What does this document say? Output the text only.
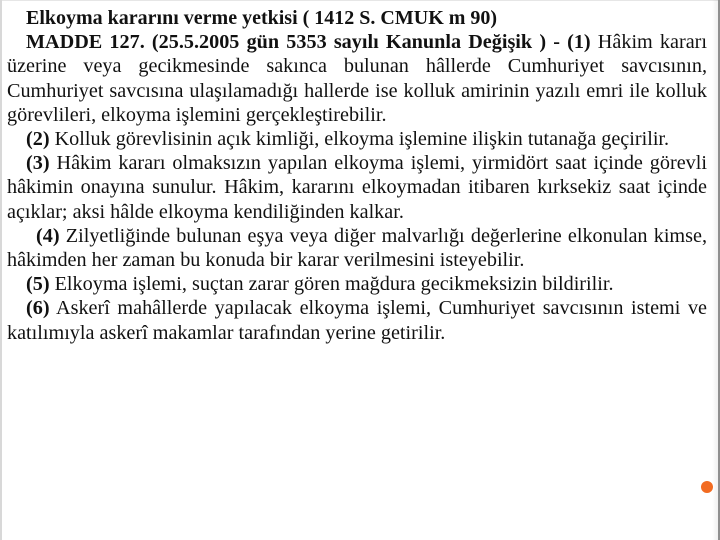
Elkoyma kararını verme yetkisi ( 1412 S. CMUK m 90)

MADDE 127. (25.5.2005 gün 5353 sayılı Kanunla Değişik ) - (1) Hâkim kararı üzerine veya gecikmesinde sakınca bulunan hâllerde Cumhuriyet savcısının, Cumhuriyet savcısına ulaşılamadığı hallerde ise kolluk amirinin yazılı emri ile kolluk görevlileri, elkoyma işlemini gerçekleştirebilir.

(2) Kolluk görevlisinin açık kimliği, elkoyma işlemine ilişkin tutanağa geçirilir.

(3) Hâkim kararı olmaksızın yapılan elkoyma işlemi, yirmidört saat içinde görevli hâkimin onayına sunulur. Hâkim, kararını elkoymadan itibaren kırksekiz saat içinde açıklar; aksi hâlde elkoyma kendiliğinden kalkar.

(4) Zilyetliğinde bulunan eşya veya diğer malvarlığı değerlerine elkonulan kimse, hâkimden her zaman bu konuda bir karar verilmesini isteyebilir.

(5) Elkoyma işlemi, suçtan zarar gören mağdura gecikmeksizin bildirilir.

(6) Askerî mahâllerde yapılacak elkoyma işlemi, Cumhuriyet savcısının istemi ve katılımıyla askerî makamlar tarafından yerine getirilir.
